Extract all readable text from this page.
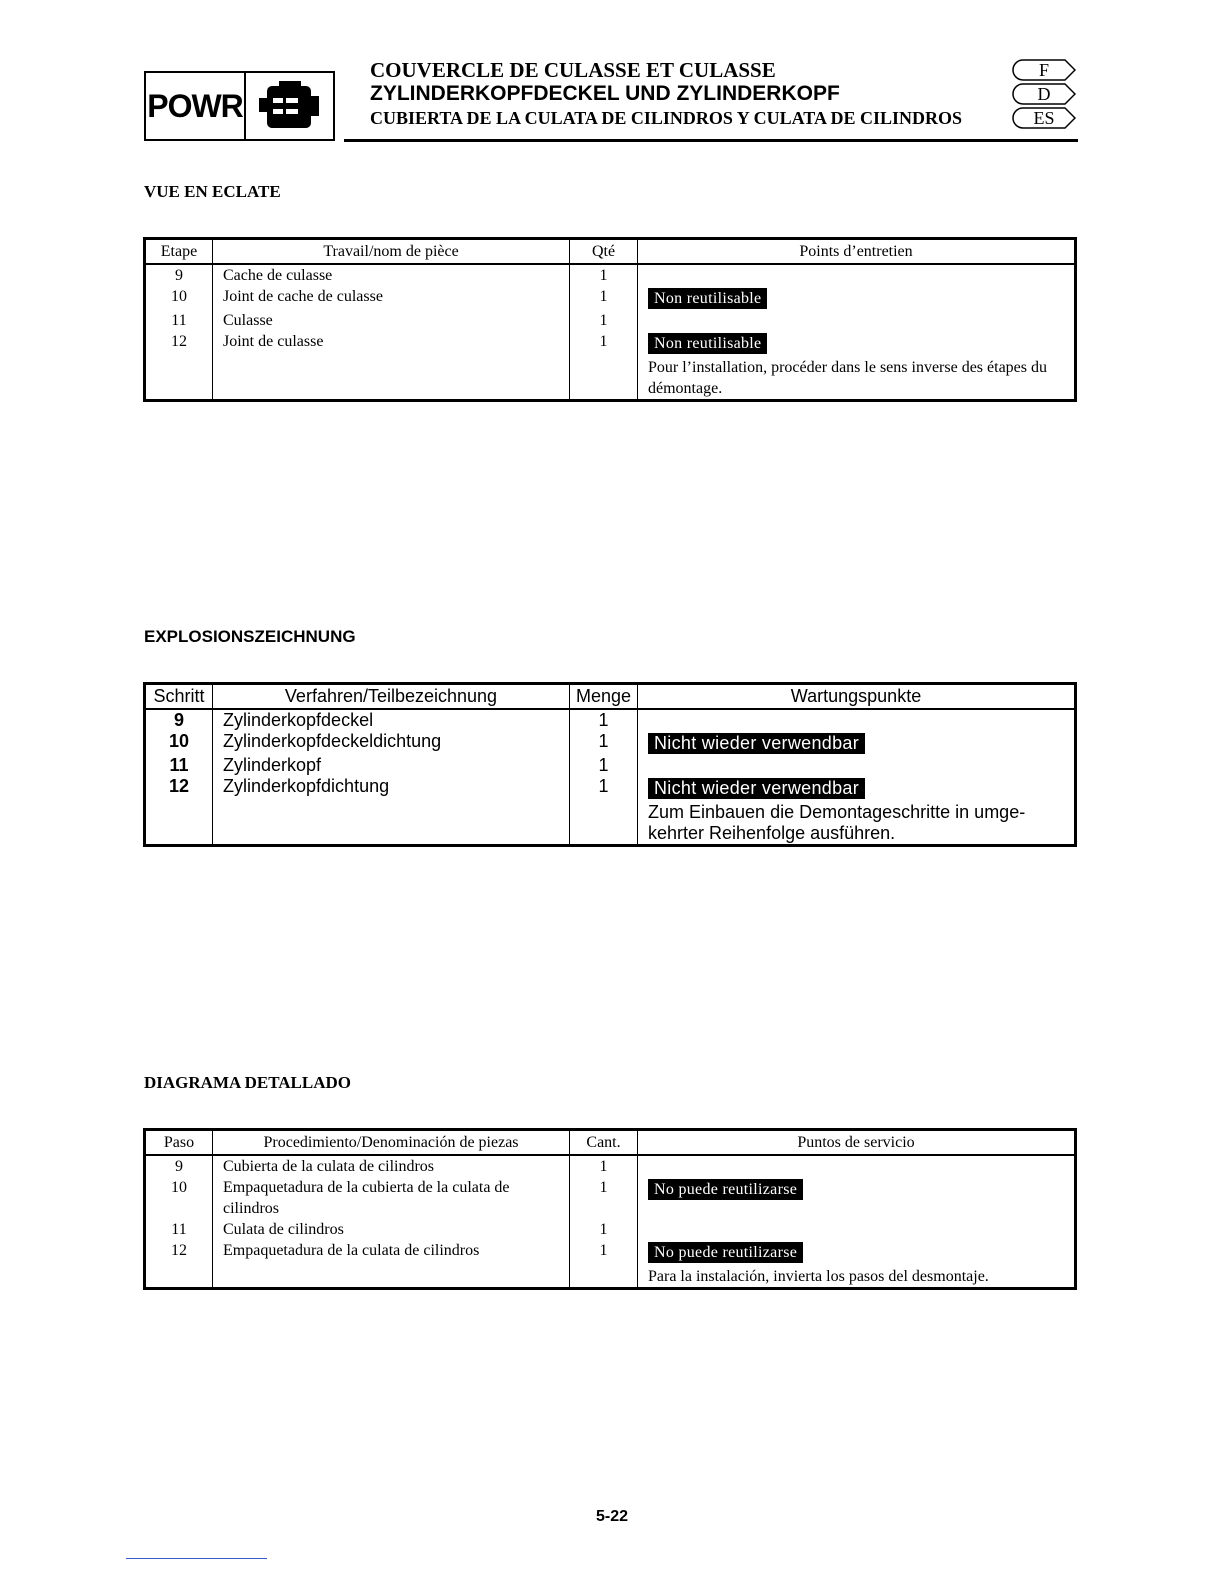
POWR
COUVERCLE DE CULASSE ET CULASSE
ZYLINDERKOPFDECKEL UND ZYLINDERKOPF
CUBIERTA DE LA CULATA DE CILINDROS Y CULATA DE CILINDROS
F
D
ES
VUE EN ECLATE
Etape	Travail/nom de pièce	Qté	Points d’entretien
9	Cache de culasse	1	
10	Joint de cache de culasse	1	Non reutilisable
11	Culasse	1	
12	Joint de culasse	1	Non reutilisable
Pour l’installation, procéder dans le sens inverse des étapes du démontage.
EXPLOSIONSZEICHNUNG
Schritt	Verfahren/Teilbezeichnung	Menge	Wartungspunkte
9	Zylinderkopfdeckel	1	
10	Zylinderkopfdeckeldichtung	1	Nicht wieder verwendbar
11	Zylinderkopf	1	
12	Zylinderkopfdichtung	1	Nicht wieder verwendbar
Zum Einbauen die Demontageschritte in umge-kehrter Reihenfolge ausführen.
DIAGRAMA DETALLADO
Paso	Procedimiento/Denominación de piezas	Cant.	Puntos de servicio
9	Cubierta de la culata de cilindros	1	
10	Empaquetadura de la cubierta de la culata de cilindros	1	No puede reutilizarse
11	Culata de cilindros	1	
12	Empaquetadura de la culata de cilindros	1	No puede reutilizarse
Para la instalación, invierta los pasos del desmontaje.
5-22
